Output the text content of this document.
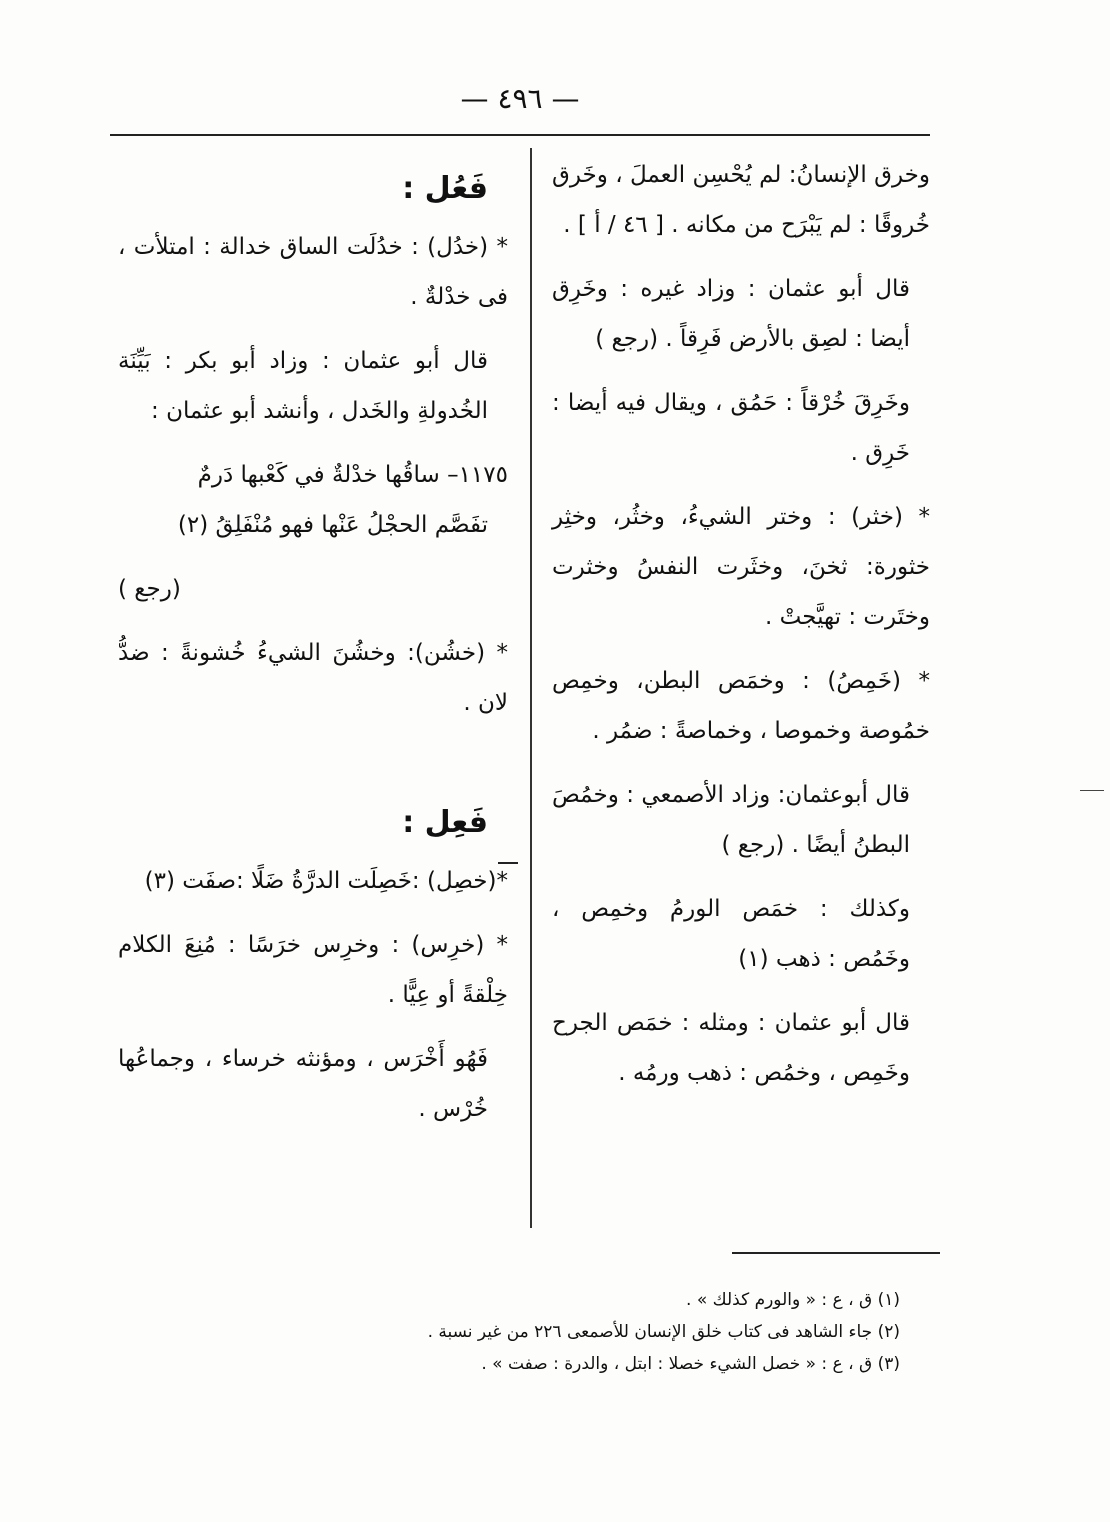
— ٤٩٦ —

وخرق الإنسانُ: لم يُحْسِن العملَ ، وخَرق خُروقًا : لم يَبْرَح من مكانه . [ ٤٦ / أ ] .

قال أبو عثمان : وزاد غيره : وخَرِق أيضا : لصِق بالأرض فَرِقاً . (رجع )

وخَرِقَ خُرْقاً : حَمُق ، ويقال فيه أيضا : خَرِق .

* (خثر) : وختر الشيءُ، وخثُر، وخثِر خثورة: ثخنَ، وخثَرت النفسُ وخثرت وختَرت : تهيَّجتْ .

* (خَمِصُ) : وخمَص البطن، وخمِص خمُوصة وخموصا ، وخماصةً : ضمُر .

قال أبوعثمان: وزاد الأصمعي : وخمُصَ البطنُ أيضًا . (رجع )

وكذلك : خمَص الورمُ وخمِص ، وخَمُص : ذهب (١)

قال أبو عثمان : ومثله : خمَص الجرح وخَمِص ، وخمُص : ذهب ورمُه .

فَعُل :

* (خدُل) : خدُلَت الساق خدالة : امتلأت ، فى خدْلةٌ .

قال أبو عثمان : وزاد أبو بكر : بَيِّنَة الخُدولةِ والخَدل ، وأنشد أبو عثمان :

١١٧٥– ساقُها خدْلةٌ في كَعْبها دَرمٌ

تفَصَّم الحجْلُ عَنْها فهو مُنْفَلِقُ (٢)

(رجع )

* (خشُن): وخشُنَ الشيءُ خُشونةً : ضدُّ لان .

فَعِل :

*(خصِل) :خَصِلَت الدرَّةُ ضَلًا :صفَت (٣)

* (خرِس) : وخرِس خرَسًا : مُنِعَ الكلام خِلْقةً أو عِيًّا .

فَهُو أَخْرَس ، ومؤنثه خرساء ، وجماعُها خُرْس .

(١) ق ، ع : « والورم كذلك » .

(٢) جاء الشاهد فى كتاب خلق الإنسان للأصمعى ٢٢٦ من غير نسبة .

(٣) ق ، ع : « خصل الشيء خصلا : ابتل ، والدرة : صفت » .
